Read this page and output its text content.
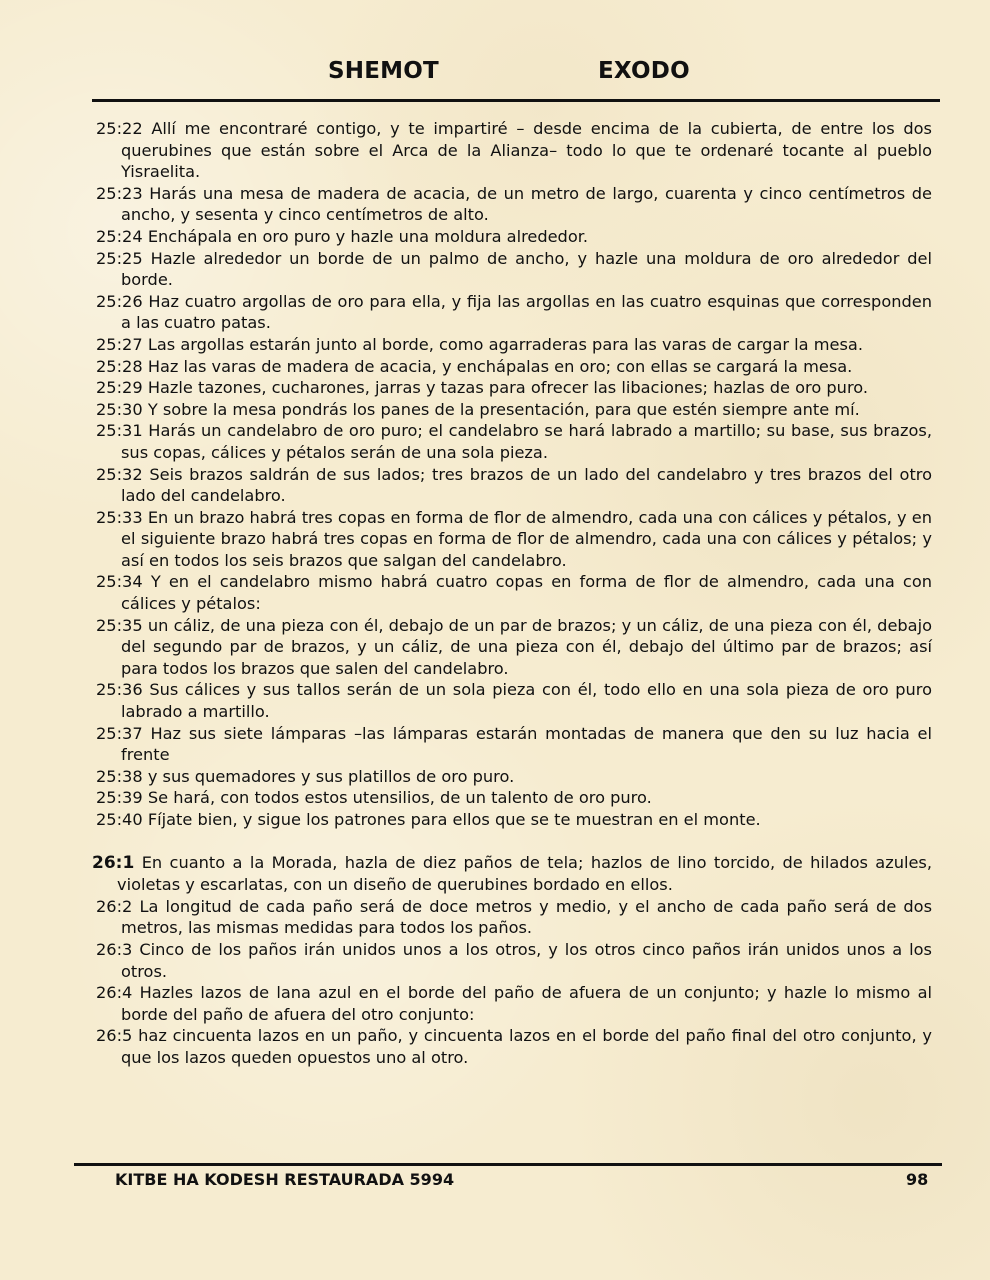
SHEMOT	EXODO
25:22 Allí me encontraré contigo, y te impartiré – desde encima de la cubierta, de entre los dos querubines que están sobre el Arca de la Alianza– todo lo que te ordenaré tocante al pueblo Yisraelita.
25:23 Harás una mesa de madera de acacia, de un metro de largo, cuarenta y cinco centímetros de ancho, y sesenta y cinco centímetros de alto.
25:24 Enchápala en oro puro y hazle una moldura alrededor.
25:25 Hazle alrededor un borde de un palmo de ancho, y hazle una moldura de oro alrededor del borde.
25:26 Haz cuatro argollas de oro para ella, y fija las argollas en las cuatro esquinas que corresponden a las cuatro patas.
25:27 Las argollas estarán junto al borde, como agarraderas para las varas de cargar la mesa.
25:28 Haz las varas de madera de acacia, y enchápalas en oro; con ellas se cargará la mesa.
25:29 Hazle tazones, cucharones, jarras y tazas para ofrecer las libaciones; hazlas de oro puro.
25:30 Y sobre la mesa pondrás los panes de la presentación, para que estén siempre ante mí.
25:31 Harás un candelabro de oro puro; el candelabro se hará labrado a martillo; su base, sus brazos, sus copas, cálices y pétalos serán de una sola pieza.
25:32 Seis brazos saldrán de sus lados; tres brazos de un lado del candelabro y tres brazos del otro lado del candelabro.
25:33 En un brazo habrá tres copas en forma de flor de almendro, cada una con cálices y pétalos, y en el siguiente brazo habrá tres copas en forma de flor de almendro, cada una con cálices y pétalos; y así en todos los seis brazos que salgan del candelabro.
25:34 Y en el candelabro mismo habrá cuatro copas en forma de flor de almendro, cada una con cálices y pétalos:
25:35 un cáliz, de una pieza con él, debajo de un par de brazos; y un cáliz, de una pieza con él, debajo del segundo par de brazos, y un cáliz, de una pieza con él, debajo del último par de brazos; así para todos los brazos que salen del candelabro.
25:36 Sus cálices y sus tallos serán de un sola pieza con él, todo ello en una sola pieza de oro puro labrado a martillo.
25:37 Haz sus siete lámparas –las lámparas estarán montadas de manera que den su luz hacia el frente
25:38 y sus quemadores y sus platillos de oro puro.
25:39 Se hará, con todos estos utensilios, de un talento de oro puro.
25:40 Fíjate bien, y sigue los patrones para ellos que se te muestran en el monte.
26:1 En cuanto a la Morada, hazla de diez paños de tela; hazlos de lino torcido, de hilados azules, violetas y escarlatas, con un diseño de querubines bordado en ellos.
26:2 La longitud de cada paño será de doce metros y medio, y el ancho de cada paño será de dos metros, las mismas medidas para todos los paños.
26:3 Cinco de los paños irán unidos unos a los otros, y los otros cinco paños irán unidos unos a los otros.
26:4 Hazles lazos de lana azul en el borde del paño de afuera de un conjunto; y hazle lo mismo al borde del paño de afuera del otro conjunto:
26:5 haz cincuenta lazos en un paño, y cincuenta lazos en el borde del paño final del otro conjunto, y que los lazos queden opuestos uno al otro.
KITBE HA KODESH RESTAURADA 5994	98
